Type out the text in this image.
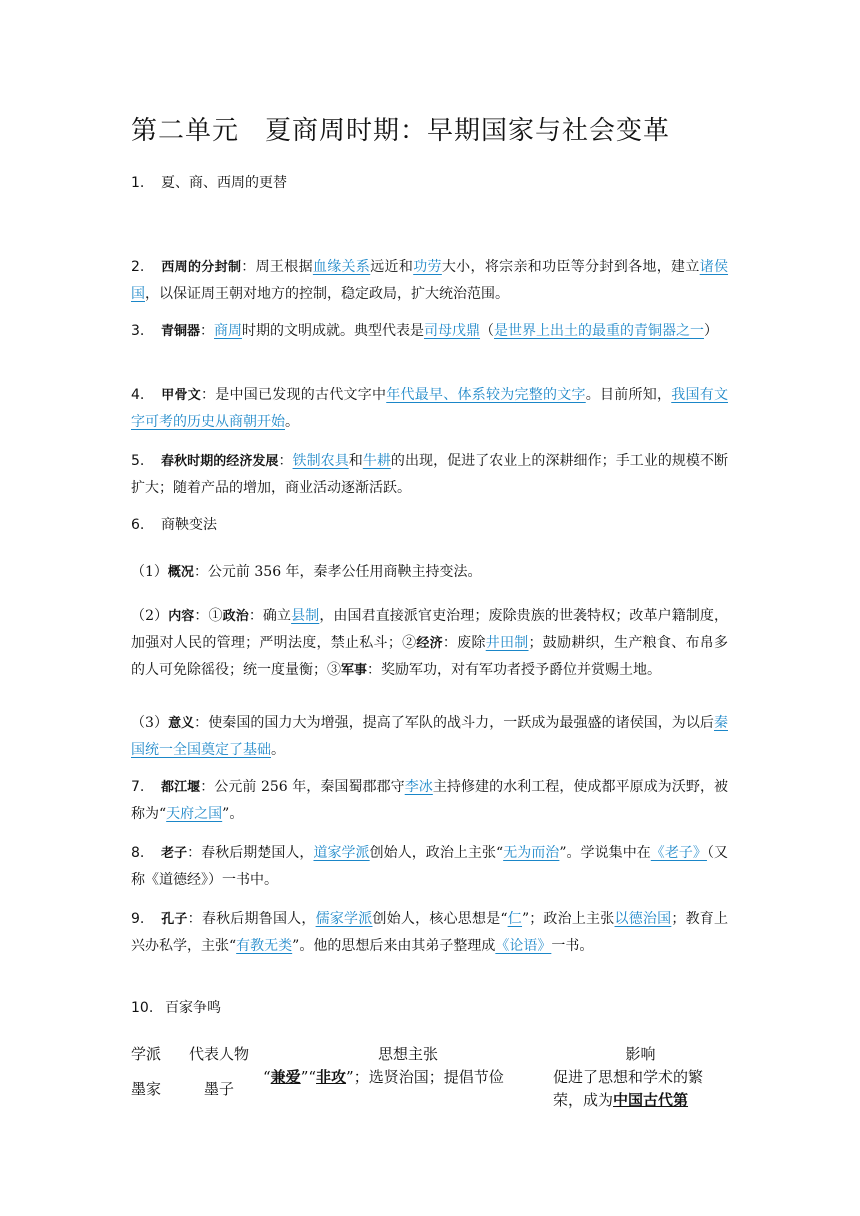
第二单元 夏商周时期：早期国家与社会变革
1. 夏、商、西周的更替
2. 西周的分封制：周王根据血缘关系远近和功劳大小，将宗亲和功臣等分封到各地，建立诸侯国，以保证周王朝对地方的控制，稳定政局，扩大统治范围。
3. 青铜器：商周时期的文明成就。典型代表是司母戊鼎（是世界上出土的最重的青铜器之一）
4. 甲骨文：是中国已发现的古代文字中年代最早、体系较为完整的文字。目前所知，我国有文字可考的历史从商朝开始。
5. 春秋时期的经济发展：铁制农具和牛耕的出现，促进了农业上的深耕细作；手工业的规模不断扩大；随着产品的增加，商业活动逐渐活跃。
6. 商鞅变法
（1）概况：公元前 356 年，秦孝公任用商鞅主持变法。
（2）内容：①政治：确立县制，由国君直接派官吏治理；废除贵族的世袭特权；改革户籍制度，加强对人民的管理；严明法度，禁止私斗；②经济：废除井田制；鼓励耕织，生产粮食、布帛多的人可免除徭役；统一度量衡；③军事：奖励军功，对有军功者授予爵位并赏赐土地。
（3）意义：使秦国的国力大为增强，提高了军队的战斗力，一跃成为最强盛的诸侯国，为以后秦国统一全国奠定了基础。
7. 都江堰：公元前 256 年，秦国蜀郡郡守李冰主持修建的水利工程，使成都平原成为沃野，被称为“天府之国”。
8. 老子：春秋后期楚国人，道家学派创始人，政治上主张“无为而治”。学说集中在《老子》（又称《道德经》）一书中。
9. 孔子：春秋后期鲁国人，儒家学派创始人，核心思想是“仁”；政治上主张以德治国；教育上兴办私学，主张“有教无类”。他的思想后来由其弟子整理成《论语》一书。
10. 百家争鸣
学派	代表人物	思想主张	影响
墨家	墨子	“兼爱”“非攻”；选贤治国；提倡节俭	促进了思想和学术的繁荣，成为中国古代第
